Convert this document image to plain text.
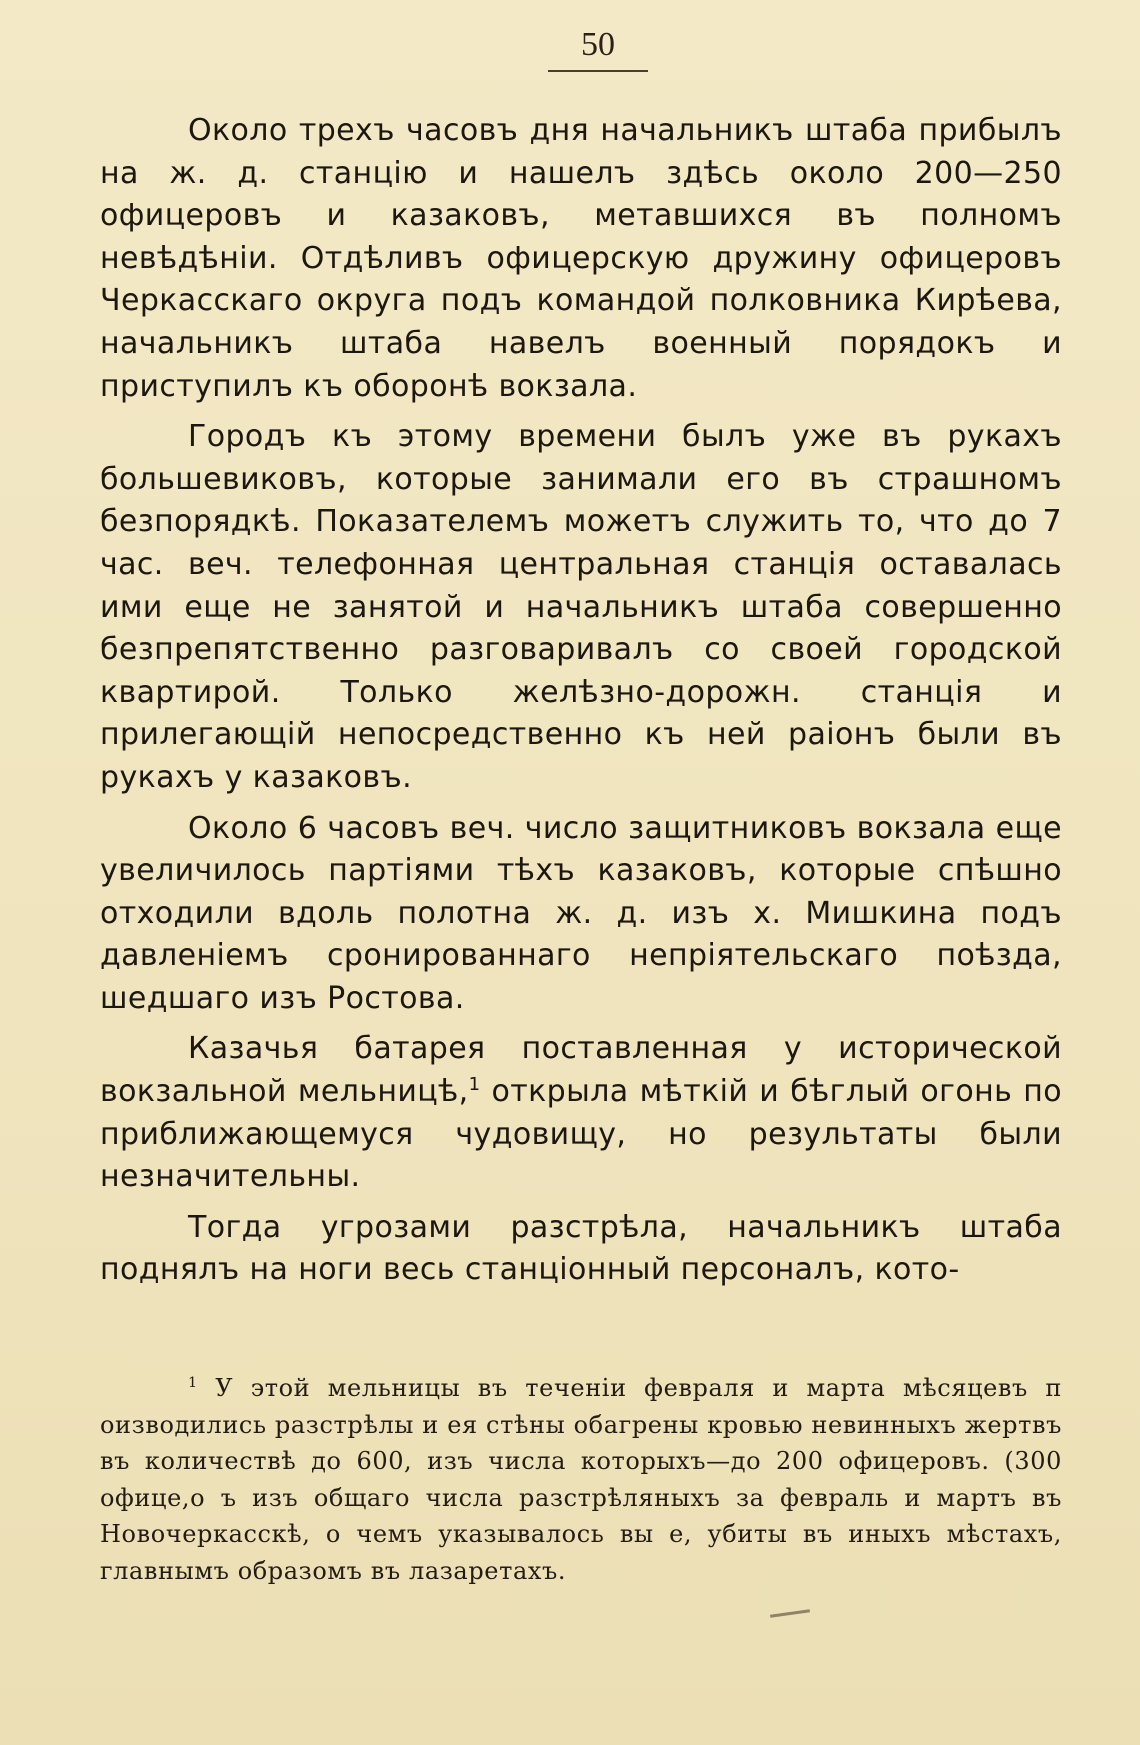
50

Около трехъ часовъ дня начальникъ штаба прибылъ на ж. д. станцію и нашелъ здѣсь около 200—250 офицеровъ и казаковъ, метавшихся въ полномъ невѣдѣніи. Отдѣливъ офицерскую дружину офицеровъ Черкасскаго округа подъ командой полковника Кирѣева, начальникъ штаба навелъ военный порядокъ и приступилъ къ оборонѣ вокзала.

Городъ къ этому времени былъ уже въ рукахъ большевиковъ, которые занимали его въ страшномъ безпорядкѣ. Показателемъ можетъ служить то, что до 7 час. веч. телефонная центральная станція оставалась ими еще не занятой и начальникъ штаба совершенно безпрепятственно разговаривалъ со своей городской квартирой. Только желѣзно-дорожн. станція и прилегающій непосредственно къ ней раіонъ были въ рукахъ у казаковъ.

Около 6 часовъ веч. число защитниковъ вокзала еще увеличилось партіями тѣхъ казаковъ, которые спѣшно отходили вдоль полотна ж. д. изъ х. Мишкина подъ давленіемъ сронированнаго непріятельскаго поѣзда, шедшаго изъ Ростова.

Казачья батарея поставленная у исторической вокзальной мельницѣ,$^1$ открыла мѣткій и бѣглый огонь по приближающемуся чудовищу, но результаты были незначительны.

Тогда угрозами разстрѣла, начальникъ штаба поднялъ на ноги весь станціонный персоналъ, кото-

$^1$ У этой мельницы въ теченіи февраля и марта мѣсяцевъ п оизводились разстрѣлы и ея стѣны обагрены кровью невинныхъ жертвъ въ количествѣ до 600, изъ числа которыхъ—до 200 офицеровъ. (300 офице,о ъ изъ общаго числа разстрѣляныхъ за февраль и мартъ въ Новочеркасскѣ, о чемъ указывалось вы е, убиты въ иныхъ мѣстахъ, главнымъ образомъ въ лазаретахъ.
